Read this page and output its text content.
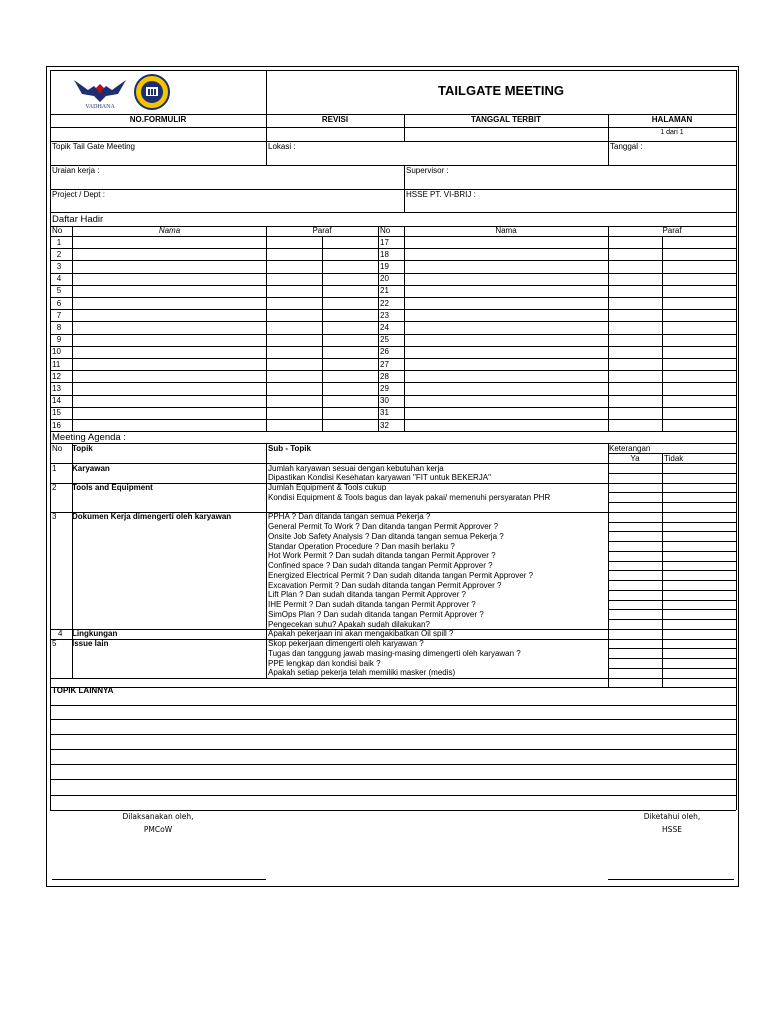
VADHANA
TAILGATE MEETING
NO.FORMULIR	REVISI	TANGGAL TERBIT	HALAMAN
1 dari 1
Topik Tail Gate Meeting	Lokasi :	Tanggal :
Uraian kerja :	Supervisor :
Project / Dept :	HSSE PT. VI-BRIJ :
Daftar Hadir
No	Nama	Paraf	No	Nama	Paraf
1	17
2	18
3	19
4	20
5	21
6	22
7	23
8	24
9	25
10	26
11	27
12	28
13	29
14	30
15	31
16	32
Meeting Agenda :
No Topik	Sub - Topik	Keterangan
Ya	Tidak
1 Karyawan	Jumlah karyawan sesuai dengan kebutuhan kerja
Dipastikan Kondisi Kesehatan karyawan "FIT untuk BEKERJA"
2 Tools and Equipment	Jumlah Equipment & Tools cukup
Kondisi Equipment & Tools bagus dan layak pakai/ memenuhi persyaratan PHR
3 Dokumen Kerja dimengerti oleh karyawan	PPHA ? Dan ditanda tangan semua Pekerja ?
General Permit To Work ? Dan ditanda tangan Permit Approver ?
Onsite Job Safety Analysis ? Dan ditanda tangan semua Pekerja ?
Standar Operation Procedure ? Dan masih berlaku ?
Hot Work Permit ? Dan sudah ditanda tangan Permit Approver ?
Confined space ? Dan sudah ditanda tangan Permit Approver ?
Energized Electrical Permit ? Dan sudah ditanda tangan Permit Approver ?
Excavation Permit ? Dan sudah ditanda tangan Permit Approver ?
Lift Plan ? Dan sudah ditanda tangan Permit Approver ?
IHE Permit ? Dan sudah ditanda tangan Permit Approver ?
SimOps Plan ? Dan sudah ditanda tangan Permit Approver ?
Pengecekan suhu? Apakah sudah dilakukan?
4 Lingkungan	Apakah pekerjaan ini akan mengakibatkan Oil spill ?
5 Issue lain	Skop pekerjaan dimengerti oleh karyawan ?
Tugas dan tanggung jawab masing-masing dimengerti oleh karyawan ?
PPE lengkap dan kondisi baik ?
Apakah setiap pekerja telah memiliki masker (medis)
TOPIK LAINNYA
Dilaksanakan oleh,
PMCoW
Diketahui oleh,
HSSE
